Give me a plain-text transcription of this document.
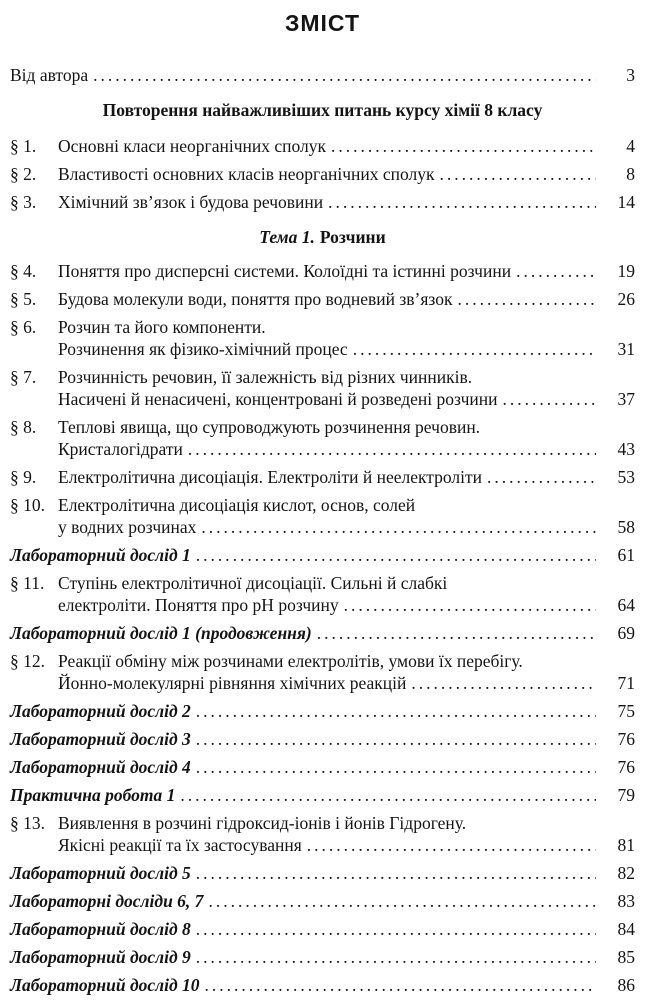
ЗМІСТ
Від автора .....	3
Повторення найважливіших питань курсу хімії 8 класу
§ 1. Основні класи неорганічних сполук .....	4
§ 2. Властивості основних класів неорганічних сполук .....	8
§ 3. Хімічний зв’язок і будова речовини .....	14
Тема 1. Розчини
§ 4. Поняття про дисперсні системи. Колоїдні та істинні розчини .....	19
§ 5. Будова молекули води, поняття про водневий зв’язок .....	26
§ 6. Розчин та його компоненти.
Розчинення як фізико-хімічний процес .....	31
§ 7. Розчинність речовин, її залежність від різних чинників.
Насичені й ненасичені, концентровані й розведені розчини .....	37
§ 8. Теплові явища, що супроводжують розчинення речовин.
Кристалогідрати .....	43
§ 9. Електролітична дисоціація. Електроліти й неелектроліти .....	53
§ 10. Електролітична дисоціація кислот, основ, солей
у водних розчинах .....	58
Лабораторний дослід 1 .....	61
§ 11. Ступінь електролітичної дисоціації. Сильні й слабкі
електроліти. Поняття про pH розчину .....	64
Лабораторний дослід 1 (продовження) .....	69
§ 12. Реакції обміну між розчинами електролітів, умови їх перебігу.
Йонно-молекулярні рівняння хімічних реакцій .....	71
Лабораторний дослід 2 .....	75
Лабораторний дослід 3 .....	76
Лабораторний дослід 4 .....	76
Практична робота 1 .....	79
§ 13. Виявлення в розчині гідроксид-іонів і йонів Гідрогену.
Якісні реакції та їх застосування .....	81
Лабораторний дослід 5 .....	82
Лабораторні досліди 6, 7 .....	83
Лабораторний дослід 8 .....	84
Лабораторний дослід 9 .....	85
Лабораторний дослід 10 .....	86
